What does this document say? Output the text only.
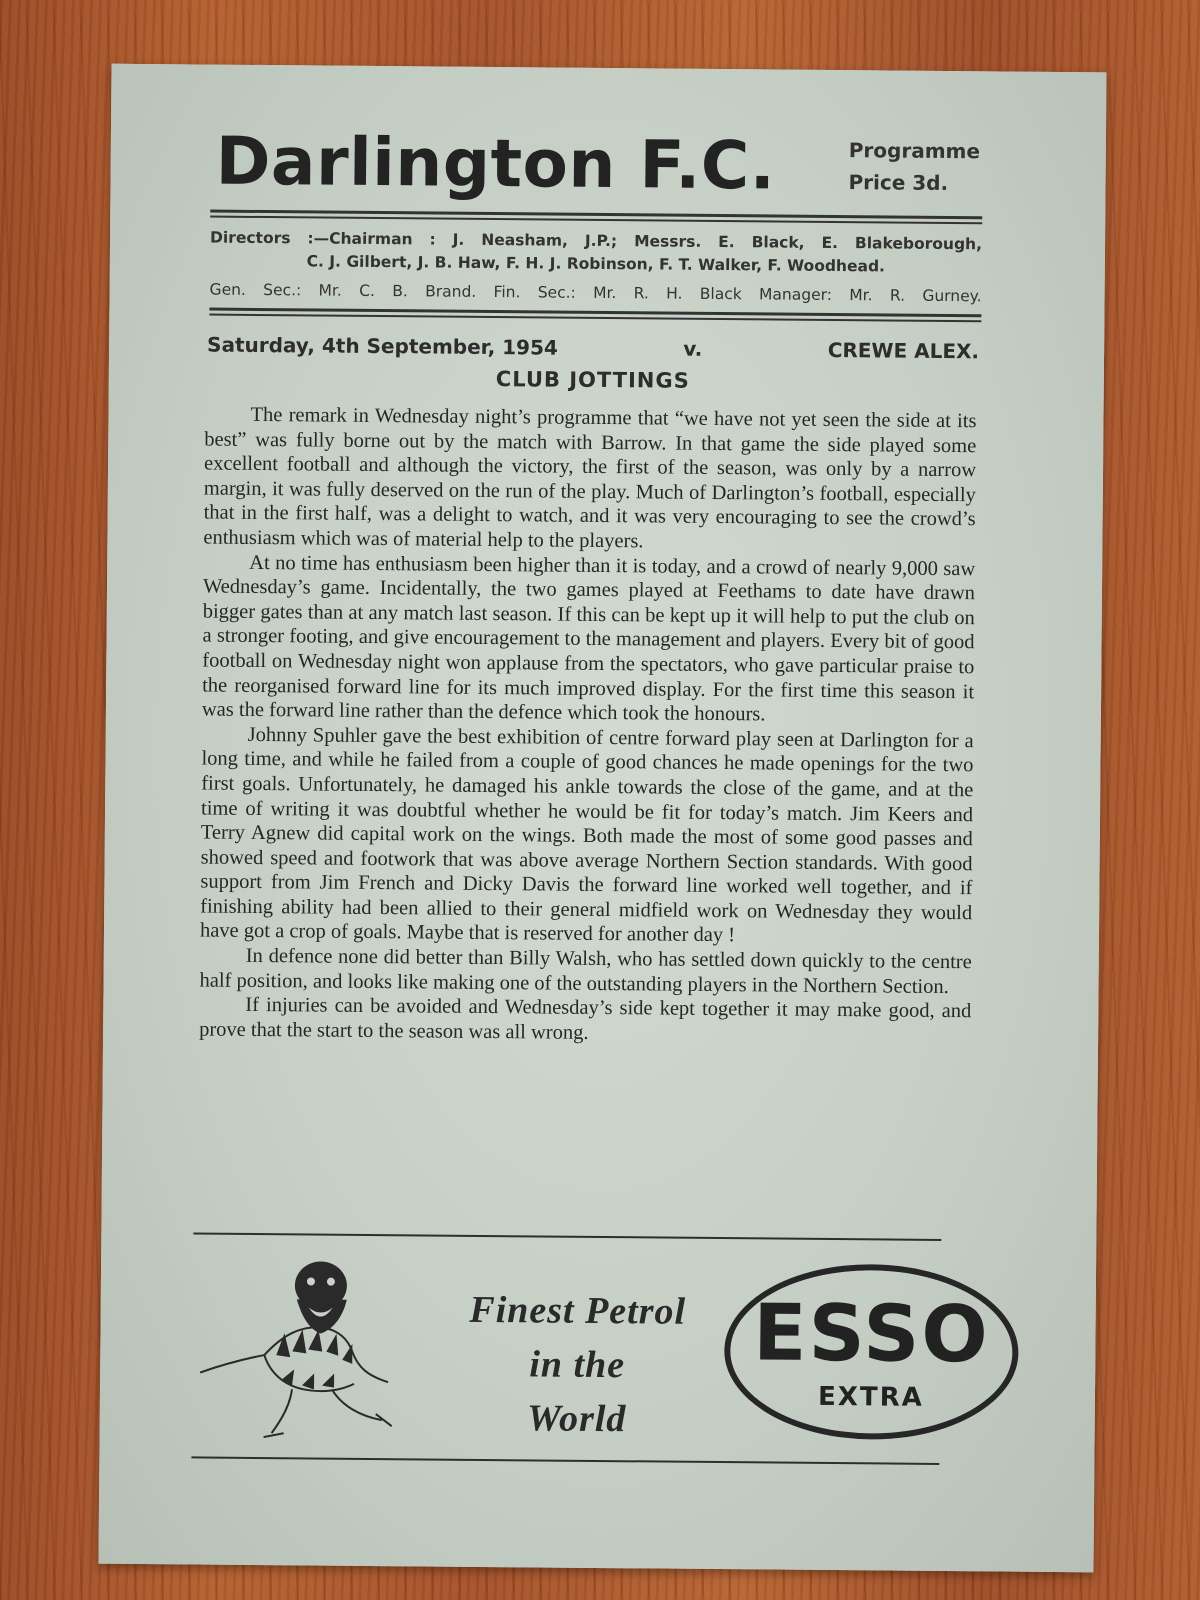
Darlington F.C.	Programme
Price 3d.
Directors :—Chairman : J. Neasham, J.P.; Messrs. E. Black, E. Blakeborough,
C. J. Gilbert, J. B. Haw, F. H. J. Robinson, F. T. Walker, F. Woodhead.
Gen. Sec.: Mr. C. B. Brand. Fin. Sec.: Mr. R. H. Black Manager: Mr. R. Gurney.
Saturday, 4th September, 1954	v.	CREWE ALEX.
CLUB JOTTINGS

The remark in Wednesday night’s programme that “we have not yet seen the side at its best” was fully borne out by the match with Barrow. In that game the side played some excellent football and although the victory, the first of the season, was only by a narrow margin, it was fully deserved on the run of the play. Much of Darlington’s football, especially that in the first half, was a delight to watch, and it was very encouraging to see the crowd’s enthusiasm which was of material help to the players.

At no time has enthusiasm been higher than it is today, and a crowd of nearly 9,000 saw Wednesday’s game. Incidentally, the two games played at Feethams to date have drawn bigger gates than at any match last season. If this can be kept up it will help to put the club on a stronger footing, and give encouragement to the management and players. Every bit of good football on Wednesday night won applause from the spectators, who gave particular praise to the reorganised forward line for its much improved display. For the first time this season it was the forward line rather than the defence which took the honours.

Johnny Spuhler gave the best exhibition of centre forward play seen at Darlington for a long time, and while he failed from a couple of good chances he made openings for the two first goals. Unfortunately, he damaged his ankle towards the close of the game, and at the time of writing it was doubtful whether he would be fit for today’s match. Jim Keers and Terry Agnew did capital work on the wings. Both made the most of some good passes and showed speed and footwork that was above average Northern Section standards. With good support from Jim French and Dicky Davis the forward line worked well together, and if finishing ability had been allied to their general midfield work on Wednesday they would have got a crop of goals. Maybe that is reserved for another day !

In defence none did better than Billy Walsh, who has settled down quickly to the centre half position, and looks like making one of the outstanding players in the Northern Section.

If injuries can be avoided and Wednesday’s side kept together it may make good, and prove that the start to the season was all wrong.

Finest Petrol
in the
World
ESSO
EXTRA
